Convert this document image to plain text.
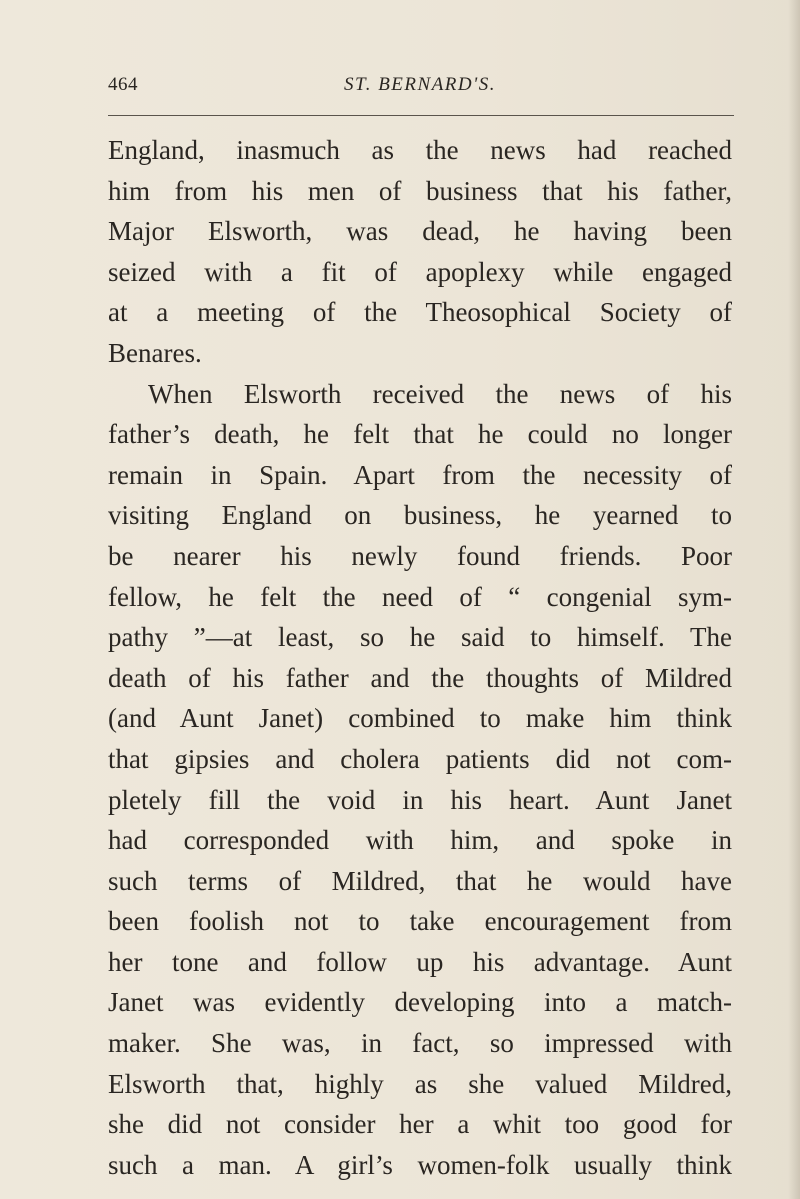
464	ST. BERNARD'S.
England, inasmuch as the news had reached
him from his men of business that his father,
Major Elsworth, was dead, he having been
seized with a fit of apoplexy while engaged
at a meeting of the Theosophical Society of
Benares.
When Elsworth received the news of his
father’s death, he felt that he could no longer
remain in Spain. Apart from the necessity of
visiting England on business, he yearned to
be nearer his newly found friends. Poor
fellow, he felt the need of “ congenial sym-
pathy ”—at least, so he said to himself. The
death of his father and the thoughts of Mildred
(and Aunt Janet) combined to make him think
that gipsies and cholera patients did not com-
pletely fill the void in his heart. Aunt Janet
had corresponded with him, and spoke in
such terms of Mildred, that he would have
been foolish not to take encouragement from
her tone and follow up his advantage. Aunt
Janet was evidently developing into a match-
maker. She was, in fact, so impressed with
Elsworth that, highly as she valued Mildred,
she did not consider her a whit too good for
such a man. A girl’s women-folk usually think
